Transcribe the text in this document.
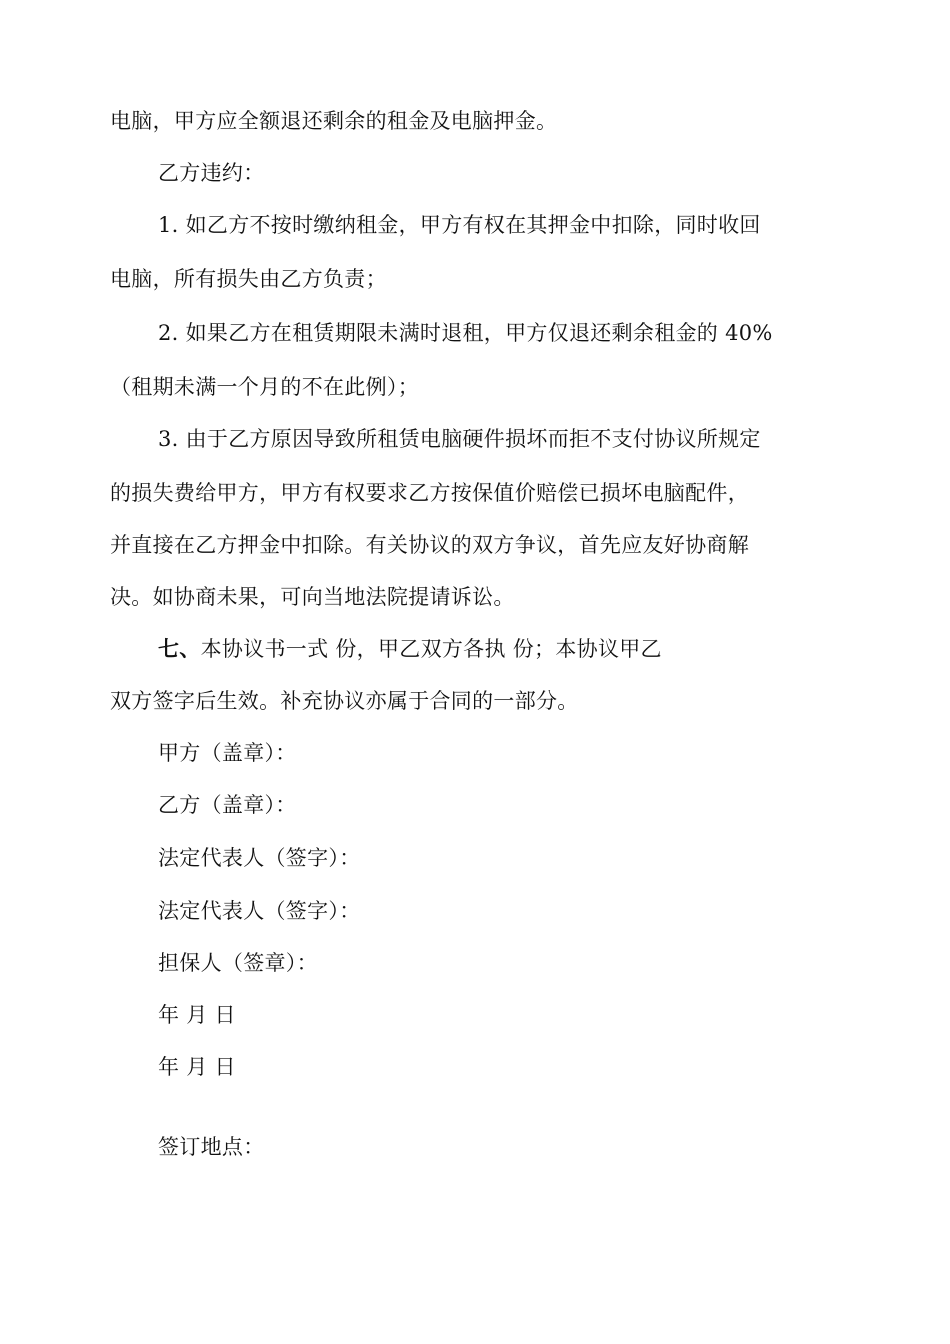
电脑，甲方应全额退还剩余的租金及电脑押金。
乙方违约：
1. 如乙方不按时缴纳租金，甲方有权在其押金中扣除，同时收回
电脑，所有损失由乙方负责；
2. 如果乙方在租赁期限未满时退租，甲方仅退还剩余租金的 40%
（租期未满一个月的不在此例）；
3. 由于乙方原因导致所租赁电脑硬件损坏而拒不支付协议所规定
的损失费给甲方，甲方有权要求乙方按保值价赔偿已损坏电脑配件，
并直接在乙方押金中扣除。有关协议的双方争议，首先应友好协商解
决。如协商未果，可向当地法院提请诉讼。
七、本协议书一式 份，甲乙双方各执 份；本协议甲乙
双方签字后生效。补充协议亦属于合同的一部分。
甲方（盖章）：
乙方（盖章）：
法定代表人（签字）：
法定代表人（签字）：
担保人（签章）：
年 月 日
年 月 日
签订地点：
